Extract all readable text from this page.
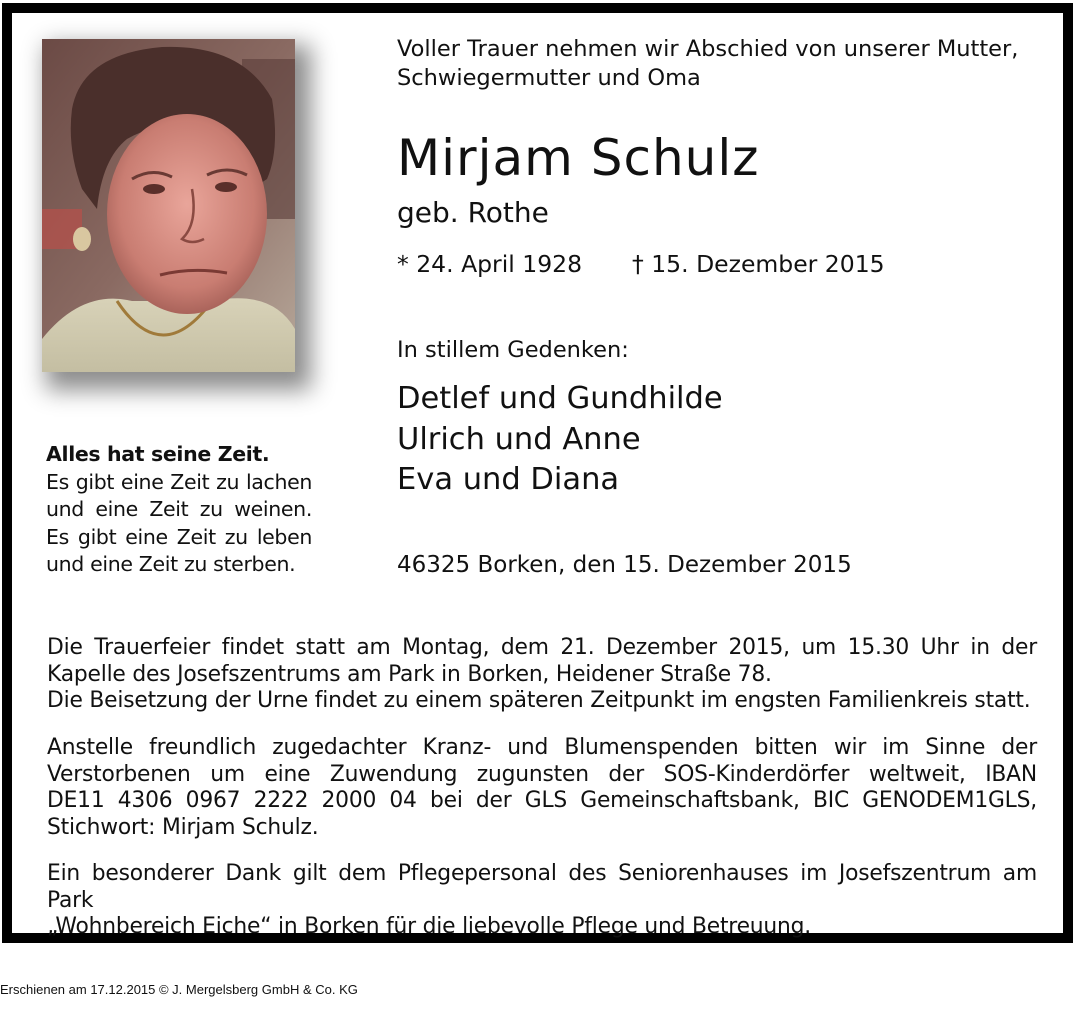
Alles hat seine Zeit.
Es gibt eine Zeit zu lachen
und eine Zeit zu weinen.
Es gibt eine Zeit zu leben
und eine Zeit zu sterben.
Voller Trauer nehmen wir Abschied von unserer Mutter,
Schwiegermutter und Oma
Mirjam Schulz
geb. Rothe
* 24. April 1928 † 15. Dezember 2015
In stillem Gedenken:
Detlef und Gundhilde
Ulrich und Anne
Eva und Diana
46325 Borken, den 15. Dezember 2015
Die Trauerfeier findet statt am Montag, dem 21. Dezember 2015, um 15.30 Uhr in der
Kapelle des Josefszentrums am Park in Borken, Heidener Straße 78.
Die Beisetzung der Urne findet zu einem späteren Zeitpunkt im engsten Familienkreis statt.
Anstelle freundlich zugedachter Kranz- und Blumenspenden bitten wir im Sinne der
Verstorbenen um eine Zuwendung zugunsten der SOS-Kinderdörfer weltweit, IBAN
DE11 4306 0967 2222 2000 04 bei der GLS Gemeinschaftsbank, BIC GENODEM1GLS,
Stichwort: Mirjam Schulz.
Ein besonderer Dank gilt dem Pflegepersonal des Seniorenhauses im Josefszentrum am Park
„Wohnbereich Eiche“ in Borken für die liebevolle Pflege und Betreuung.
Erschienen am 17.12.2015 © J. Mergelsberg GmbH & Co. KG
